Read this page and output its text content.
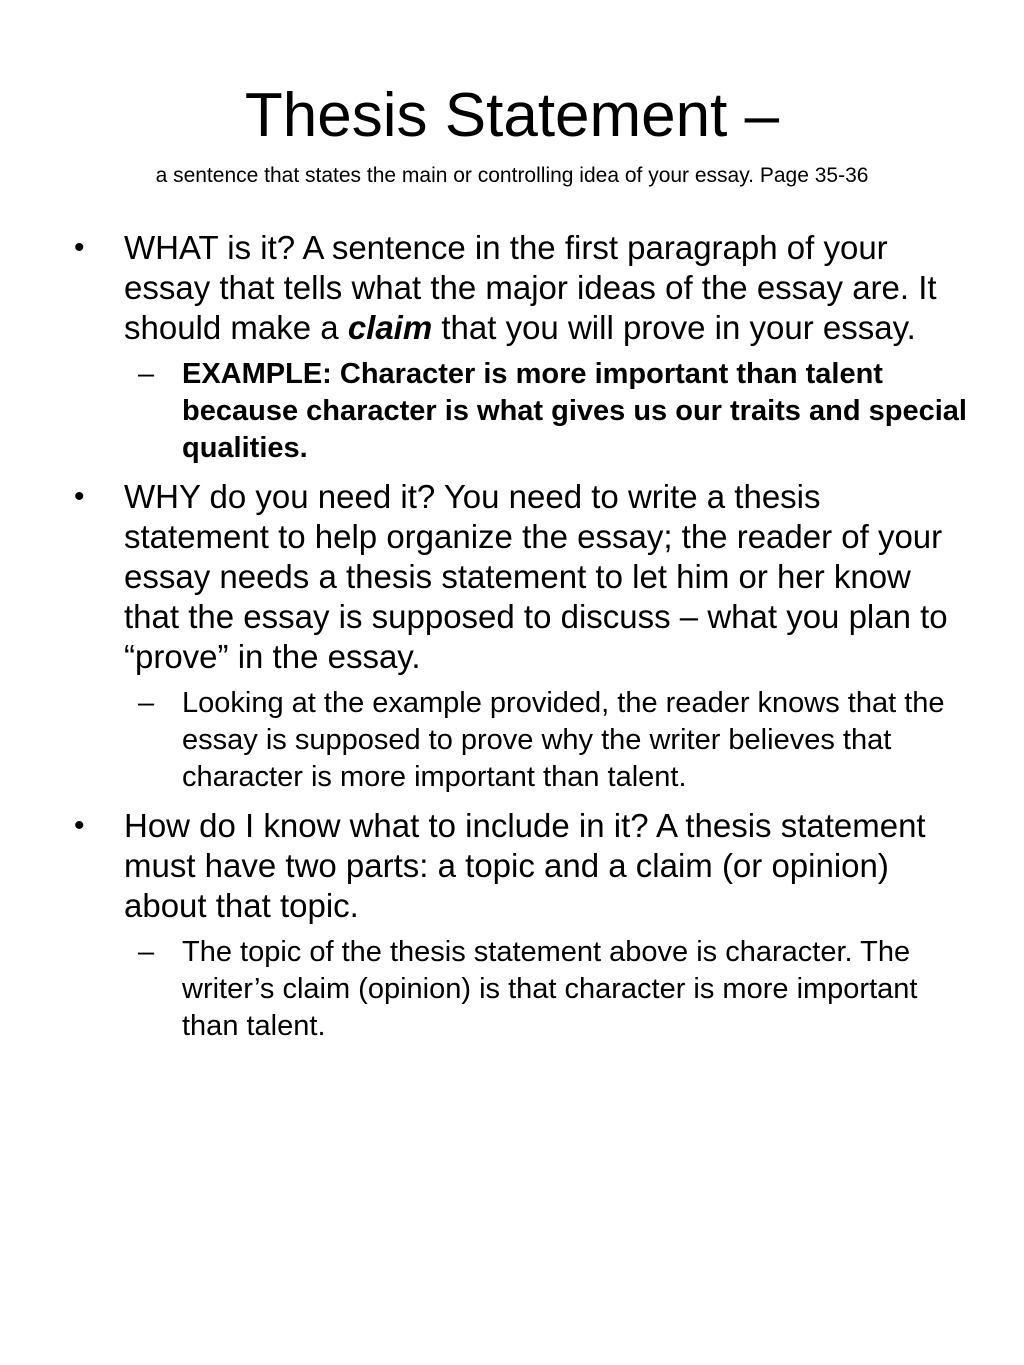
Thesis Statement –
a sentence that states the main or controlling idea of your essay. Page 35-36
•	WHAT is it? A sentence in the first paragraph of your essay that tells what the major ideas of the essay are. It should make a claim that you will prove in your essay.
– EXAMPLE: Character is more important than talent because character is what gives us our traits and special qualities.
•	WHY do you need it? You need to write a thesis statement to help organize the essay; the reader of your essay needs a thesis statement to let him or her know that the essay is supposed to discuss – what you plan to “prove” in the essay.
– Looking at the example provided, the reader knows that the essay is supposed to prove why the writer believes that character is more important than talent.
•	How do I know what to include in it? A thesis statement must have two parts: a topic and a claim (or opinion) about that topic.
– The topic of the thesis statement above is character. The writer’s claim (opinion) is that character is more important than talent.
